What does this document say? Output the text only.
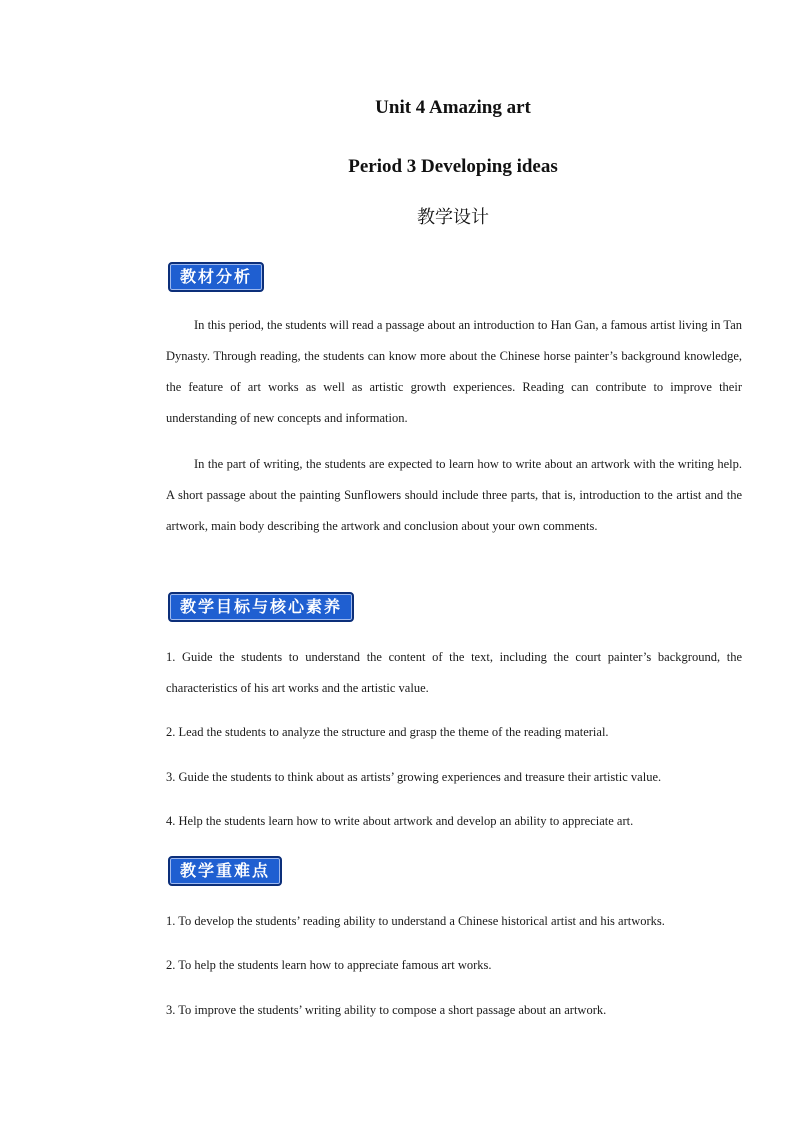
Unit 4 Amazing art
Period 3 Developing ideas
教学设计
教材分析

In this period, the students will read a passage about an introduction to Han Gan, a famous artist living in Tan Dynasty. Through reading, the students can know more about the Chinese horse painter’s background knowledge, the feature of art works as well as artistic growth experiences. Reading can contribute to improve their understanding of new concepts and information.

In the part of writing, the students are expected to learn how to write about an artwork with the writing help. A short passage about the painting Sunflowers should include three parts, that is, introduction to the artist and the artwork, main body describing the artwork and conclusion about your own comments.

教学目标与核心素养

1. Guide the students to understand the content of the text, including the court painter’s background, the characteristics of his art works and the artistic value.

2. Lead the students to analyze the structure and grasp the theme of the reading material.

3. Guide the students to think about as artists’ growing experiences and treasure their artistic value.

4. Help the students learn how to write about artwork and develop an ability to appreciate art.

教学重难点

1. To develop the students’ reading ability to understand a Chinese historical artist and his artworks.

2. To help the students learn how to appreciate famous art works.

3. To improve the students’ writing ability to compose a short passage about an artwork.
